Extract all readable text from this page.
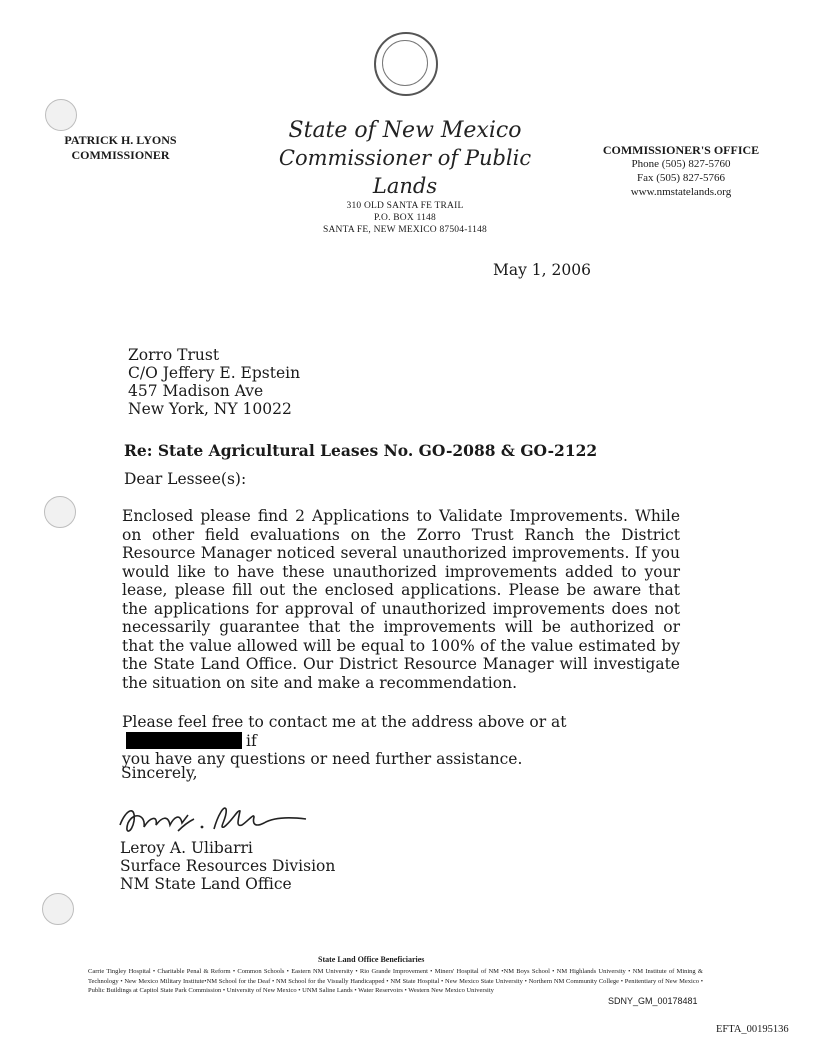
PATRICK H. LYONS
COMMISSIONER
State of New Mexico
Commissioner of Public Lands
310 OLD SANTA FE TRAIL
P.O. BOX 1148
SANTA FE, NEW MEXICO 87504-1148
COMMISSIONER'S OFFICE
Phone (505) 827-5760
Fax (505) 827-5766
www.nmstatelands.org
May 1, 2006
Zorro Trust
C/O Jeffery E. Epstein
457 Madison Ave
New York, NY 10022
Re: State Agricultural Leases No. GO-2088 & GO-2122
Dear Lessee(s):
Enclosed please find 2 Applications to Validate Improvements. While on other field evaluations on the Zorro Trust Ranch the District Resource Manager noticed several unauthorized improvements. If you would like to have these unauthorized improvements added to your lease, please fill out the enclosed applications. Please be aware that the applications for approval of unauthorized improvements does not necessarily guarantee that the improvements will be authorized or that the value allowed will be equal to 100% of the value estimated by the State Land Office. Our District Resource Manager will investigate the situation on site and make a recommendation.
Please feel free to contact me at the address above or atif
you have any questions or need further assistance.
Sincerely,
Leroy A. Ulibarri
Surface Resources Division
NM State Land Office
State Land Office Beneficiaries
Carrie Tingley Hospital • Charitable Penal & Reform • Common Schools • Eastern NM University • Rio Grande Improvement • Miners' Hospital of NM •NM Boys School • NM Highlands University • NM Institute of Mining & Technology • New Mexico Military Institute•NM School for the Deaf • NM School for the Visually Handicapped • NM State Hospital • New Mexico State University • Northern NM Community College • Penitentiary of New Mexico • Public Buildings at Capitol State Park Commission • University of New Mexico • UNM Saline Lands • Water Reservoirs • Western New Mexico University
SDNY_GM_00178481
EFTA_00195136
